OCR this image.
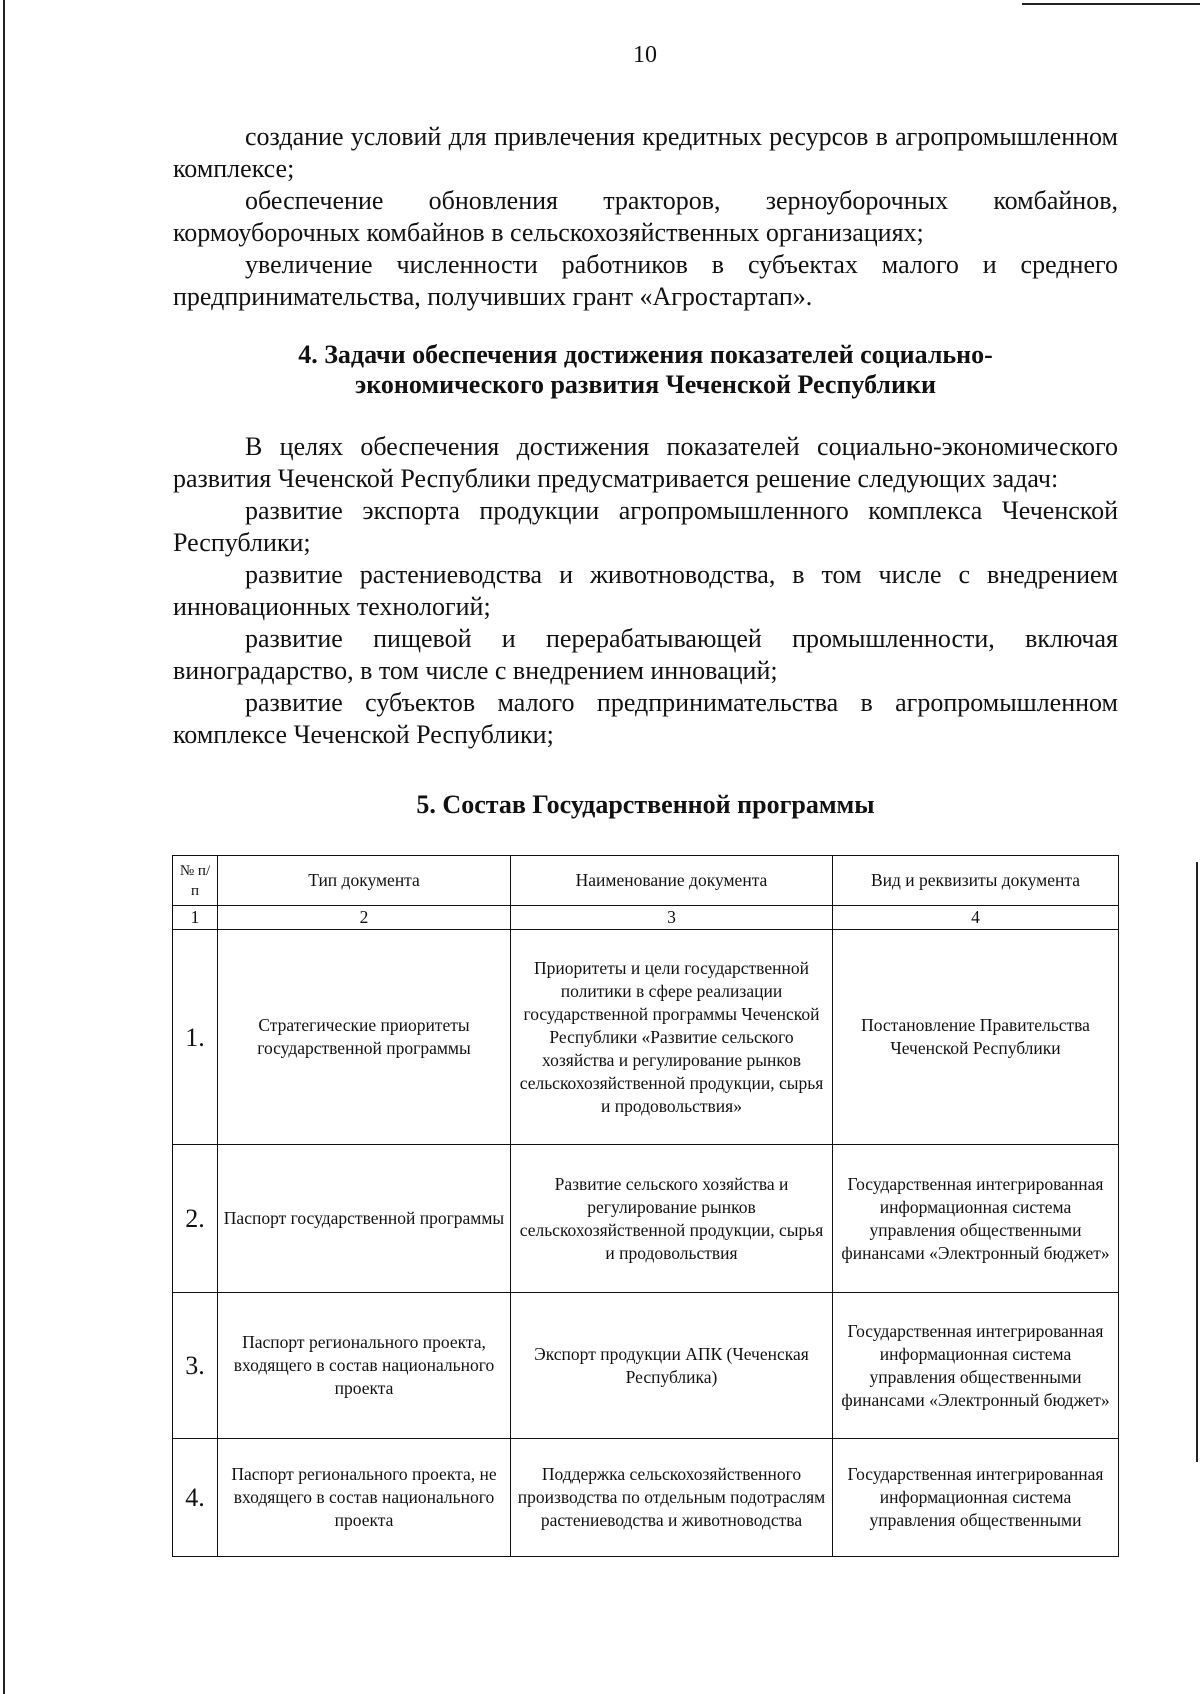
10

создание условий для привлечения кредитных ресурсов в агропромышленном комплексе;

обеспечение обновления тракторов, зерноуборочных комбайнов, кормоуборочных комбайнов в сельскохозяйственных организациях;

увеличение численности работников в субъектах малого и среднего предпринимательства, получивших грант «Агростартап».

4. Задачи обеспечения достижения показателей социально-
экономического развития Чеченской Республики

В целях обеспечения достижения показателей социально-экономического развития Чеченской Республики предусматривается решение следующих задач:

развитие экспорта продукции агропромышленного комплекса Чеченской Республики;

развитие растениеводства и животноводства, в том числе с внедрением инновационных технологий;

развитие пищевой и перерабатывающей промышленности, включая виноградарство, в том числе с внедрением инноваций;

развитие субъектов малого предпринимательства в агропромышленном комплексе Чеченской Республики;

5. Состав Государственной программы
№ п/п	Тип документа	Наименование документа	Вид и реквизиты документа
1	2	3	4
1.	Стратегические приоритеты государственной программы	Приоритеты и цели государственной политики в сфере реализации государственной программы Чеченской Республики «Развитие сельского хозяйства и регулирование рынков сельскохозяйственной продукции, сырья и продовольствия»	Постановление Правительства Чеченской Республики
2.	Паспорт государственной программы	Развитие сельского хозяйства и регулирование рынков сельскохозяйственной продукции, сырья и продовольствия	Государственная интегрированная информационная система управления общественными финансами «Электронный бюджет»
3.	Паспорт регионального проекта, входящего в состав национального проекта	Экспорт продукции АПК (Чеченская Республика)	Государственная интегрированная информационная система управления общественными финансами «Электронный бюджет»
4.	Паспорт регионального проекта, не входящего в состав национального проекта	Поддержка сельскохозяйственного производства по отдельным подотраслям растениеводства и животноводства	Государственная интегрированная информационная система управления общественными
